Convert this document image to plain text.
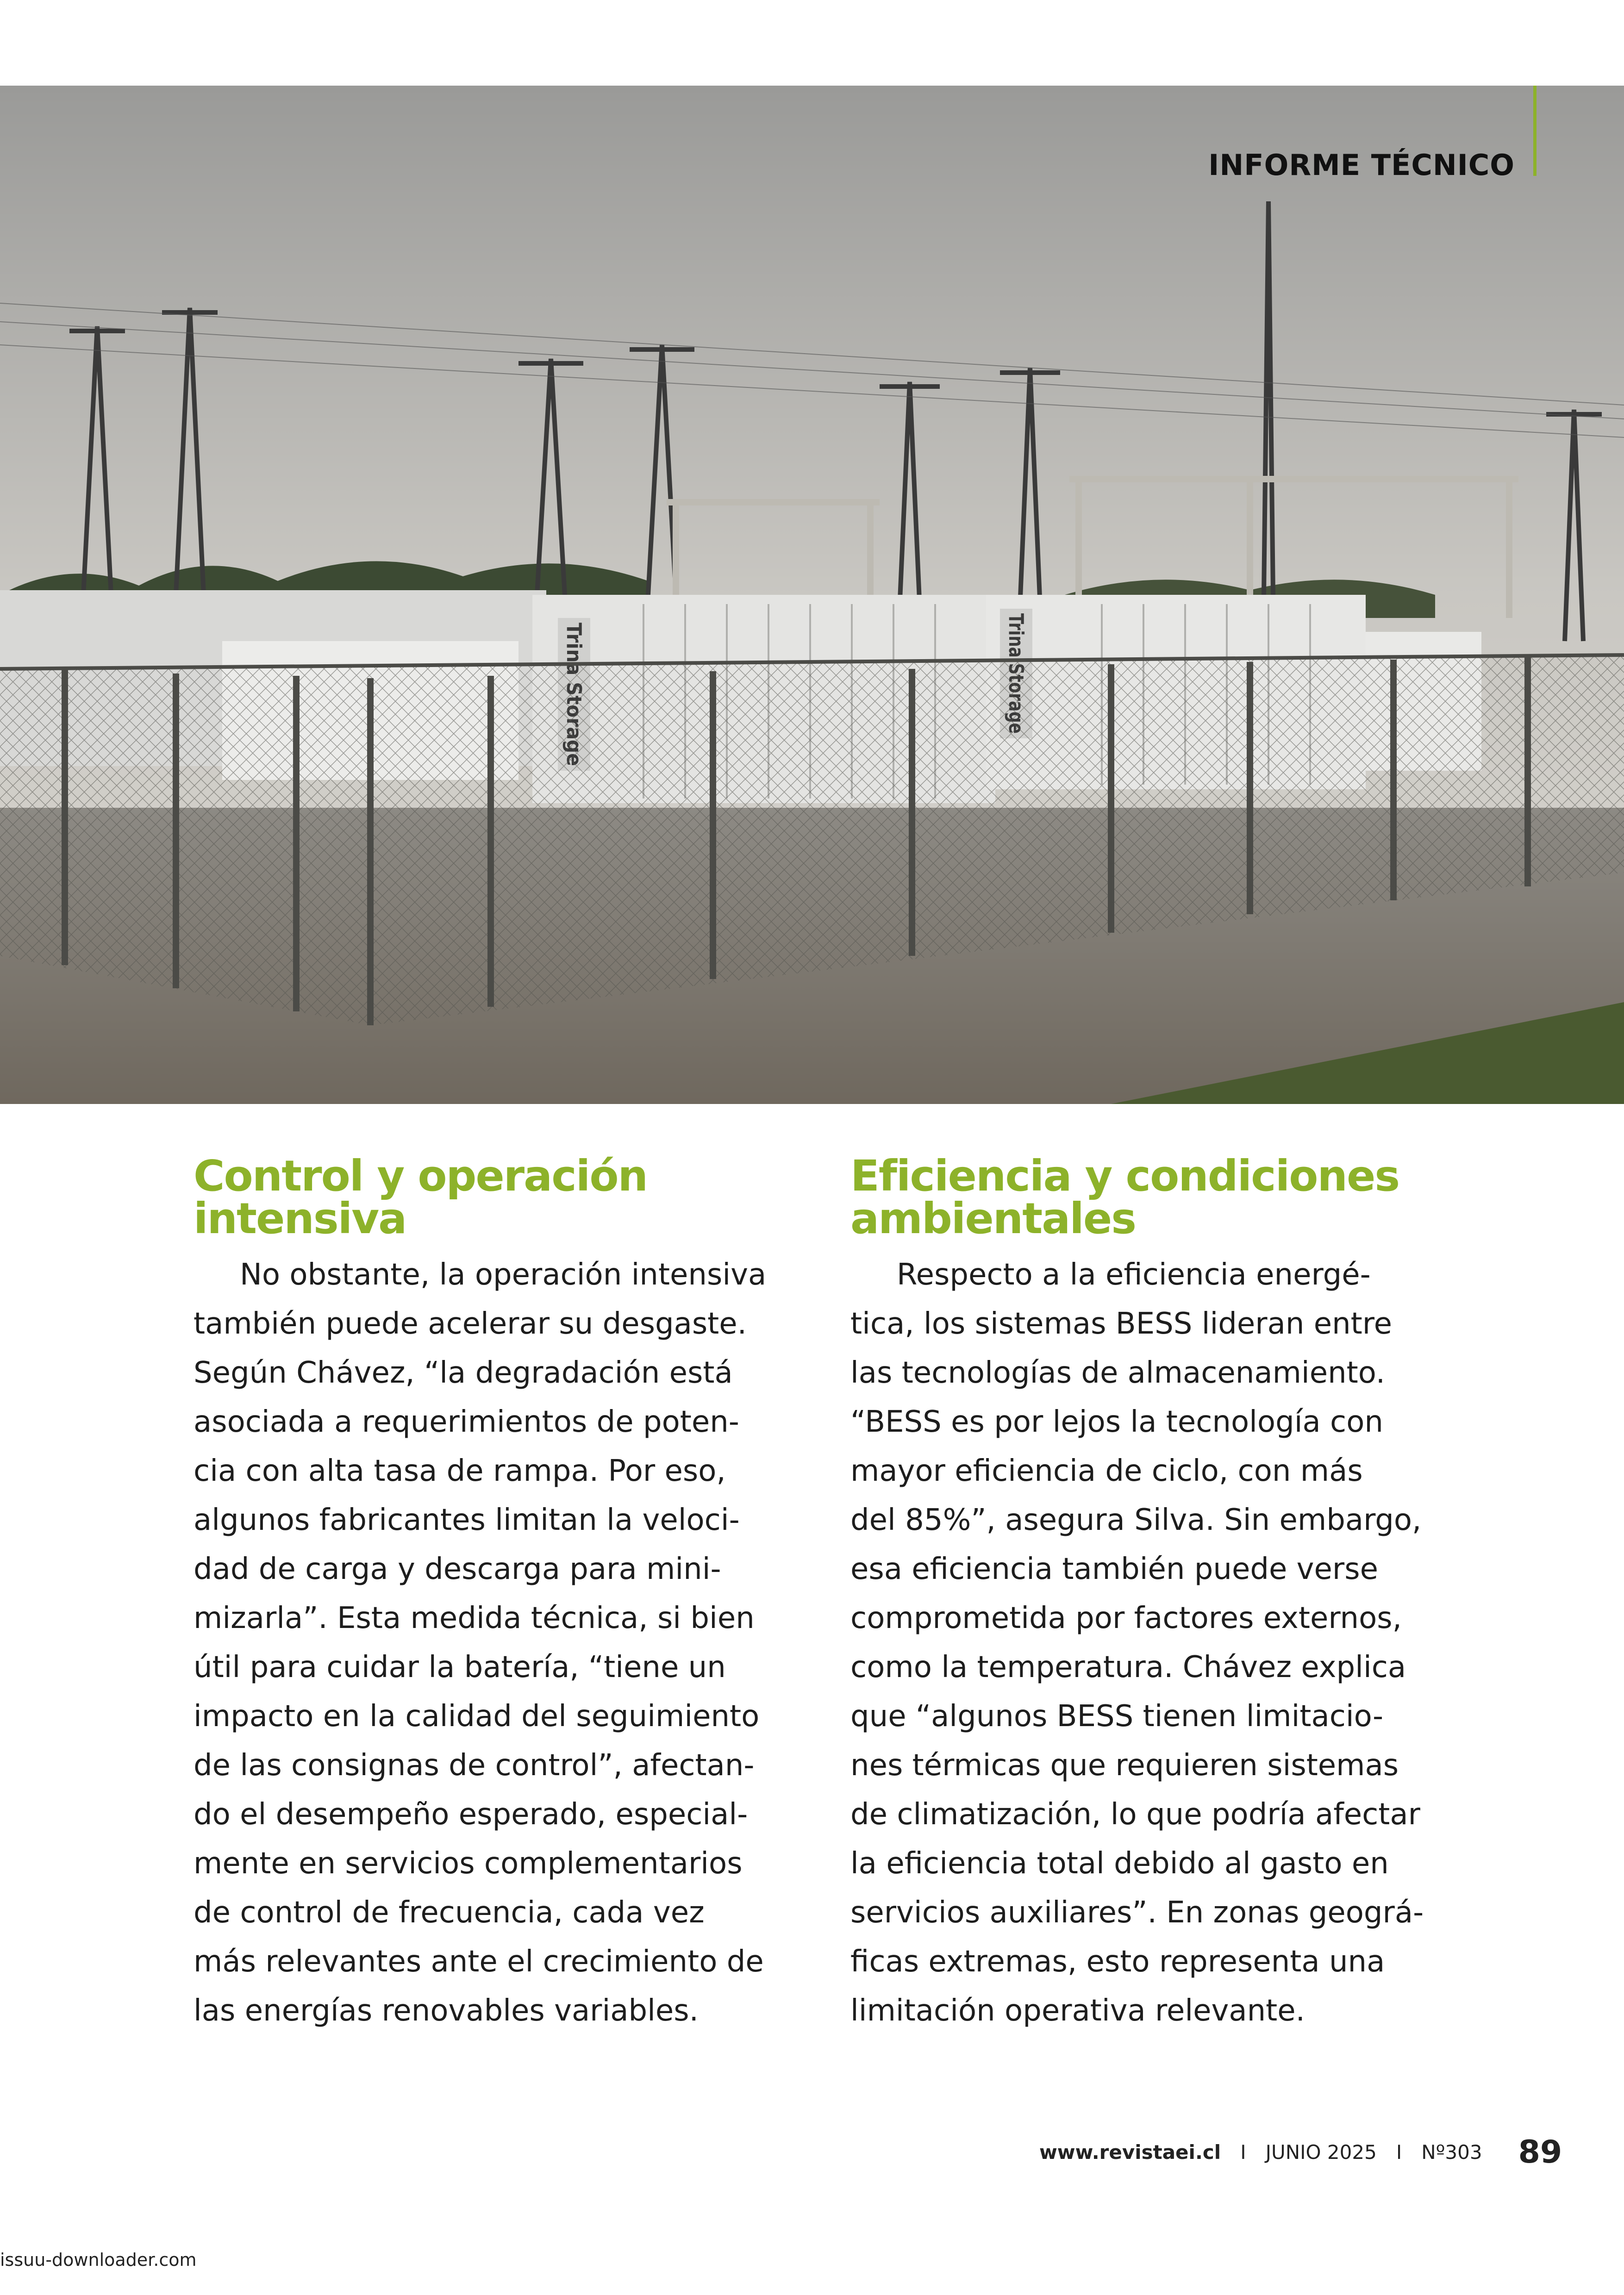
INFORME TÉCNICO
Control y operación
intensiva
No obstante, la operación intensiva
también puede acelerar su desgaste.
Según Chávez, “la degradación está
asociada a requerimientos de poten-
cia con alta tasa de rampa. Por eso,
algunos fabricantes limitan la veloci-
dad de carga y descarga para mini-
mizarla”. Esta medida técnica, si bien
útil para cuidar la batería, “tiene un
impacto en la calidad del seguimiento
de las consignas de control”, afectan-
do el desempeño esperado, especial-
mente en servicios complementarios
de control de frecuencia, cada vez
más relevantes ante el crecimiento de
las energías renovables variables.
Eficiencia y condiciones
ambientales
Respecto a la eficiencia energé-
tica, los sistemas BESS lideran entre
las tecnologías de almacenamiento.
“BESS es por lejos la tecnología con
mayor eficiencia de ciclo, con más
del 85%”, asegura Silva. Sin embargo,
esa eficiencia también puede verse
comprometida por factores externos,
como la temperatura. Chávez explica
que “algunos BESS tienen limitacio-
nes térmicas que requieren sistemas
de climatización, lo que podría afectar
la eficiencia total debido al gasto en
servicios auxiliares”. En zonas geográ-
ficas extremas, esto representa una
limitación operativa relevante.
www.revistaei.cl I JUNIO 2025 I Nº303 89
issuu-downloader.com
